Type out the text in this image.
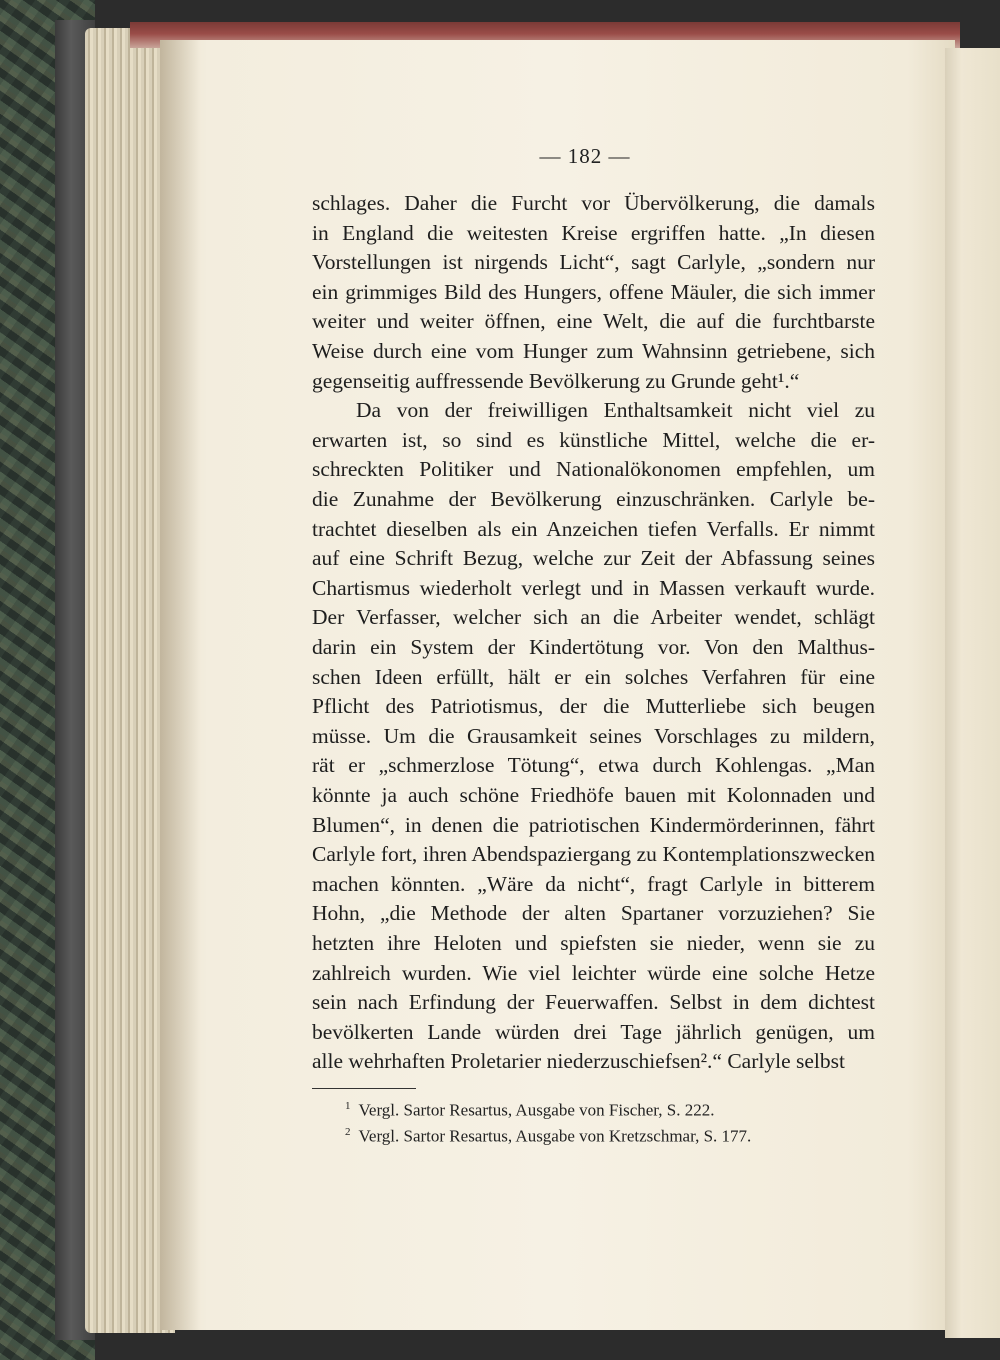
— 182 —
schlages. Daher die Furcht vor Übervölkerung, die damals
in England die weitesten Kreise ergriffen hatte. „In diesen
Vorstellungen ist nirgends Licht“, sagt Carlyle, „sondern nur
ein grimmiges Bild des Hungers, offene Mäuler, die sich immer
weiter und weiter öffnen, eine Welt, die auf die furchtbarste
Weise durch eine vom Hunger zum Wahnsinn getriebene, sich
gegenseitig auffressende Bevölkerung zu Grunde geht¹.“
Da von der freiwilligen Enthaltsamkeit nicht viel zu
erwarten ist, so sind es künstliche Mittel, welche die er-
schreckten Politiker und Nationalökonomen empfehlen, um
die Zunahme der Bevölkerung einzuschränken. Carlyle be-
trachtet dieselben als ein Anzeichen tiefen Verfalls. Er nimmt
auf eine Schrift Bezug, welche zur Zeit der Abfassung seines
Chartismus wiederholt verlegt und in Massen verkauft wurde.
Der Verfasser, welcher sich an die Arbeiter wendet, schlägt
darin ein System der Kindertötung vor. Von den Malthus-
schen Ideen erfüllt, hält er ein solches Verfahren für eine
Pflicht des Patriotismus, der die Mutterliebe sich beugen
müsse. Um die Grausamkeit seines Vorschlages zu mildern,
rät er „schmerzlose Tötung“, etwa durch Kohlengas. „Man
könnte ja auch schöne Friedhöfe bauen mit Kolonnaden und
Blumen“, in denen die patriotischen Kindermörderinnen, fährt
Carlyle fort, ihren Abendspaziergang zu Kontemplationszwecken
machen könnten. „Wäre da nicht“, fragt Carlyle in bitterem
Hohn, „die Methode der alten Spartaner vorzuziehen? Sie
hetzten ihre Heloten und spiefsten sie nieder, wenn sie zu
zahlreich wurden. Wie viel leichter würde eine solche Hetze
sein nach Erfindung der Feuerwaffen. Selbst in dem dichtest
bevölkerten Lande würden drei Tage jährlich genügen, um
alle wehrhaften Proletarier niederzuschiefsen².“ Carlyle selbst
$^1$ Vergl. Sartor Resartus, Ausgabe von Fischer, S. 222.
$^2$ Vergl. Sartor Resartus, Ausgabe von Kretzschmar, S. 177.
